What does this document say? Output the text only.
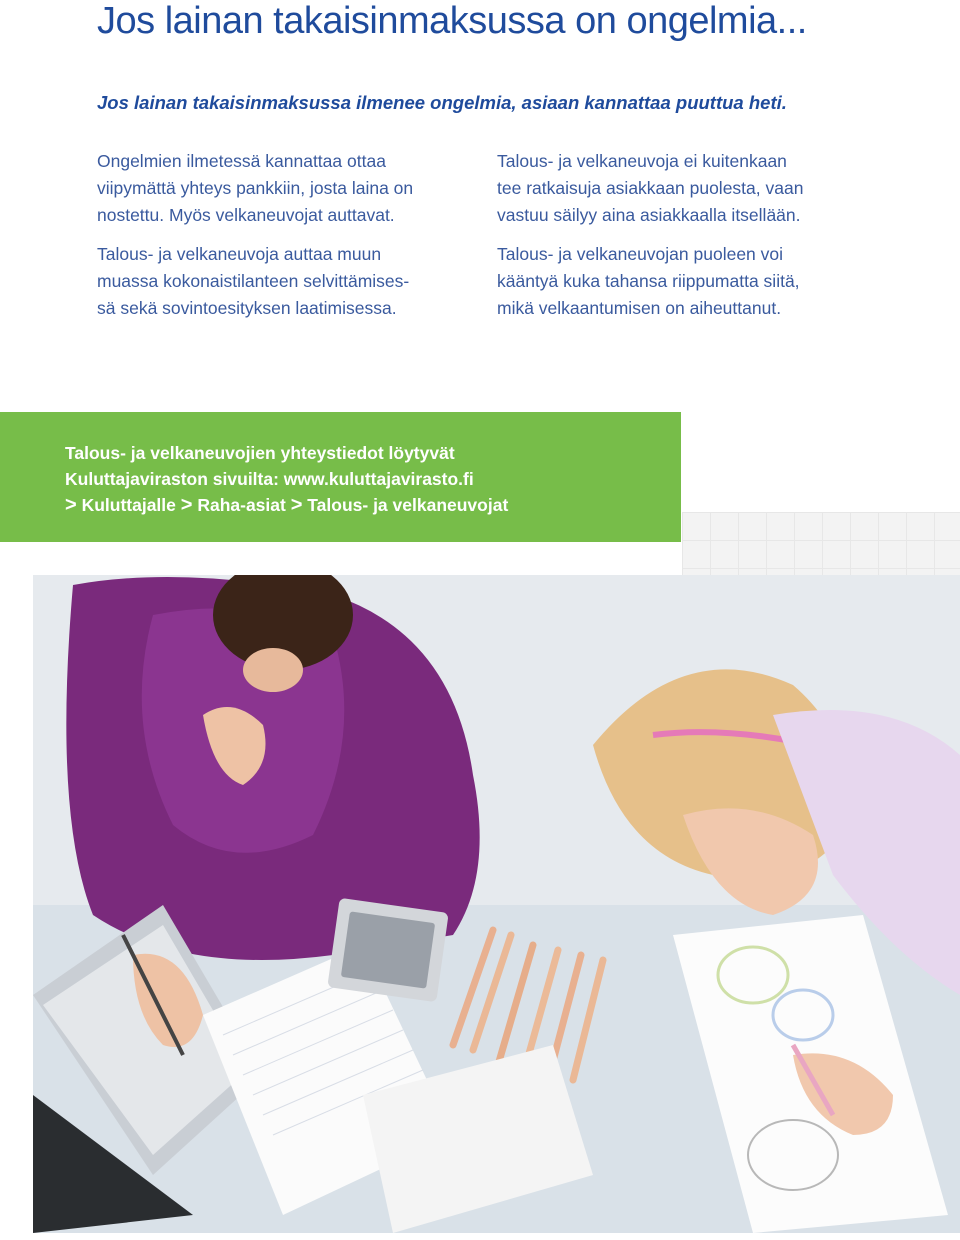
Jos lainan takaisinmaksussa on ongelmia...

Jos lainan takaisinmaksussa ilmenee ongelmia, asiaan kannattaa puuttua heti.

Ongelmien ilmetessä kannattaa ottaa
viipymättä yhteys pankkiin, josta laina on
nostettu. Myös velkaneuvojat auttavat.

Talous- ja velkaneuvoja auttaa muun
muassa kokonaistilanteen selvittämises-
sä sekä sovintoesityksen laatimisessa.

Talous- ja velkaneuvoja ei kuitenkaan
tee ratkaisuja asiakkaan puolesta, vaan
vastuu säilyy aina asiakkaalla itsellään.

Talous- ja velkaneuvojan puoleen voi
kääntyä kuka tahansa riippumatta siitä,
mikä velkaantumisen on aiheuttanut.

Talous- ja velkaneuvojien yhteystiedot löytyvät
Kuluttajaviraston sivuilta: www.kuluttajavirasto.fi
> Kuluttajalle > Raha-asiat > Talous- ja velkaneuvojat
